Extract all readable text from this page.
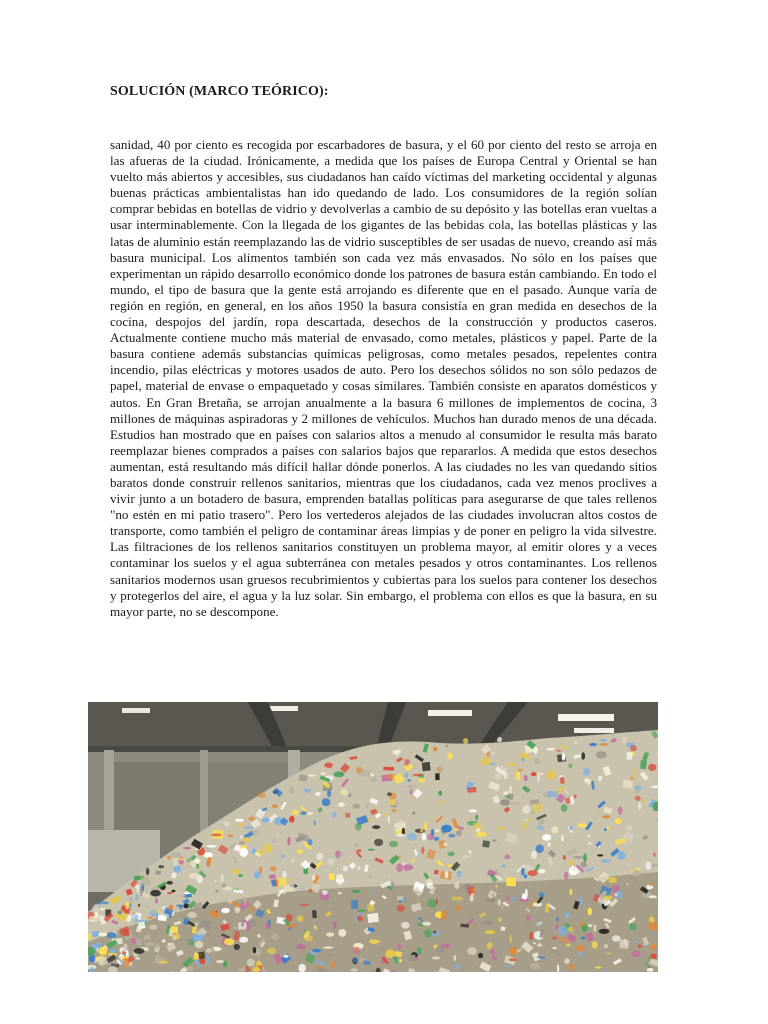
SOLUCIÓN (MARCO TEÓRICO):
sanidad, 40 por ciento es recogida por escarbadores de basura, y el 60 por ciento del resto se arroja en las afueras de la ciudad. Irónicamente, a medida que los países de Europa Central y Oriental se han vuelto más abiertos y accesibles, sus ciudadanos han caído víctimas del marketing occidental y algunas buenas prácticas ambientalistas han ido quedando de lado. Los consumidores de la región solían comprar bebidas en botellas de vidrio y devolverlas a cambio de su depósito y las botellas eran vueltas a usar interminablemente. Con la llegada de los gigantes de las bebidas cola, las botellas plásticas y las latas de aluminio están reemplazando las de vidrio susceptibles de ser usadas de nuevo, creando así más basura municipal. Los alimentos también son cada vez más envasados. No sólo en los países que experimentan un rápido desarrollo económico donde los patrones de basura están cambiando. En todo el mundo, el tipo de basura que la gente está arrojando es diferente que en el pasado. Aunque varía de región en región, en general, en los años 1950 la basura consistía en gran medida en desechos de la cocina, despojos del jardín, ropa descartada, desechos de la construcción y productos caseros. Actualmente contiene mucho más material de envasado, como metales, plásticos y papel. Parte de la basura contiene además substancias químicas peligrosas, como metales pesados, repelentes contra incendio, pilas eléctricas y motores usados de auto. Pero los desechos sólidos no son sólo pedazos de papel, material de envase o empaquetado y cosas similares. También consiste en aparatos domésticos y autos. En Gran Bretaña, se arrojan anualmente a la basura 6 millones de implementos de cocina, 3 millones de máquinas aspiradoras y 2 millones de vehículos. Muchos han durado menos de una década. Estudios han mostrado que en países con salarios altos a menudo al consumidor le resulta más barato reemplazar bienes comprados a países con salarios bajos que repararlos. A medida que estos desechos aumentan, está resultando más difícil hallar dónde ponerlos. A las ciudades no les van quedando sitios baratos donde construir rellenos sanitarios, mientras que los ciudadanos, cada vez menos proclives a vivir junto a un botadero de basura, emprenden batallas políticas para asegurarse de que tales rellenos "no estén en mi patio trasero". Pero los vertederos alejados de las ciudades involucran altos costos de transporte, como también el peligro de contaminar áreas limpias y de poner en peligro la vida silvestre. Las filtraciones de los rellenos sanitarios constituyen un problema mayor, al emitir olores y a veces contaminar los suelos y el agua subterránea con metales pesados y otros contaminantes. Los rellenos sanitarios modernos usan gruesos recubrimientos y cubiertas para los suelos para contener los desechos y protegerlos del aire, el agua y la luz solar. Sin embargo, el problema con ellos es que la basura, en su mayor parte, no se descompone.
